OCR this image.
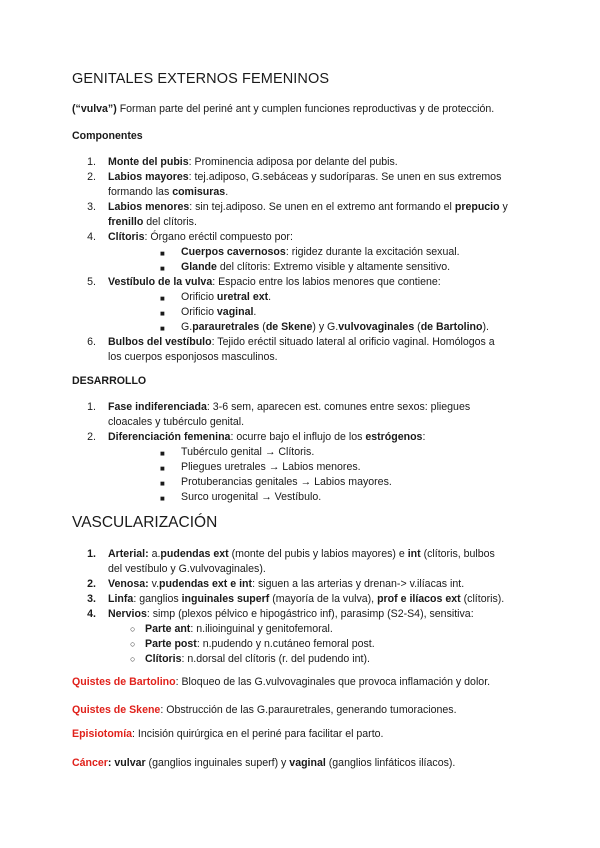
GENITALES EXTERNOS FEMENINOS
(“vulva”) Forman parte del periné ant y cumplen funciones reproductivas y de protección.
Componentes
1. Monte del pubis: Prominencia adiposa por delante del pubis.
2. Labios mayores: tej.adiposo, G.sebáceas y sudoríparas. Se unen en sus extremos
formando las comisuras.
3. Labios menores: sin tej.adiposo. Se unen en el extremo ant formando el prepucio y
frenillo del clítoris.
4. Clítoris: Órgano eréctil compuesto por:
■ Cuerpos cavernosos: rigidez durante la excitación sexual.
■ Glande del clítoris: Extremo visible y altamente sensitivo.
5. Vestíbulo de la vulva: Espacio entre los labios menores que contiene:
■ Orificio uretral ext.
■ Orificio vaginal.
■ G.parauretrales (de Skene) y G.vulvovaginales (de Bartolino).
6. Bulbos del vestíbulo: Tejido eréctil situado lateral al orificio vaginal. Homólogos a
los cuerpos esponjosos masculinos.
DESARROLLO
1. Fase indiferenciada: 3-6 sem, aparecen est. comunes entre sexos: pliegues
cloacales y tubérculo genital.
2. Diferenciación femenina: ocurre bajo el influjo de los estrógenos:
■ Tubérculo genital → Clítoris.
■ Pliegues uretrales → Labios menores.
■ Protuberancias genitales → Labios mayores.
■ Surco urogenital → Vestíbulo.
VASCULARIZACIÓN
1. Arterial: a.pudendas ext (monte del pubis y labios mayores) e int (clítoris, bulbos
del vestíbulo y G.vulvovaginales).
2. Venosa: v.pudendas ext e int: siguen a las arterias y drenan-> v.ilíacas int.
3. Linfa: ganglios inguinales superf (mayoría de la vulva), prof e ilíacos ext (clítoris).
4. Nervios: simp (plexos pélvico e hipogástrico inf), parasimp (S2-S4), sensitiva:
○ Parte ant: n.ilioinguinal y genitofemoral.
○ Parte post: n.pudendo y n.cutáneo femoral post.
○ Clítoris: n.dorsal del clítoris (r. del pudendo int).
Quistes de Bartolino: Bloqueo de las G.vulvovaginales que provoca inflamación y dolor.
Quistes de Skene: Obstrucción de las G.parauretrales, generando tumoraciones.
Episiotomía: Incisión quirúrgica en el periné para facilitar el parto.
Cáncer: vulvar (ganglios inguinales superf) y vaginal (ganglios linfáticos ilíacos).
